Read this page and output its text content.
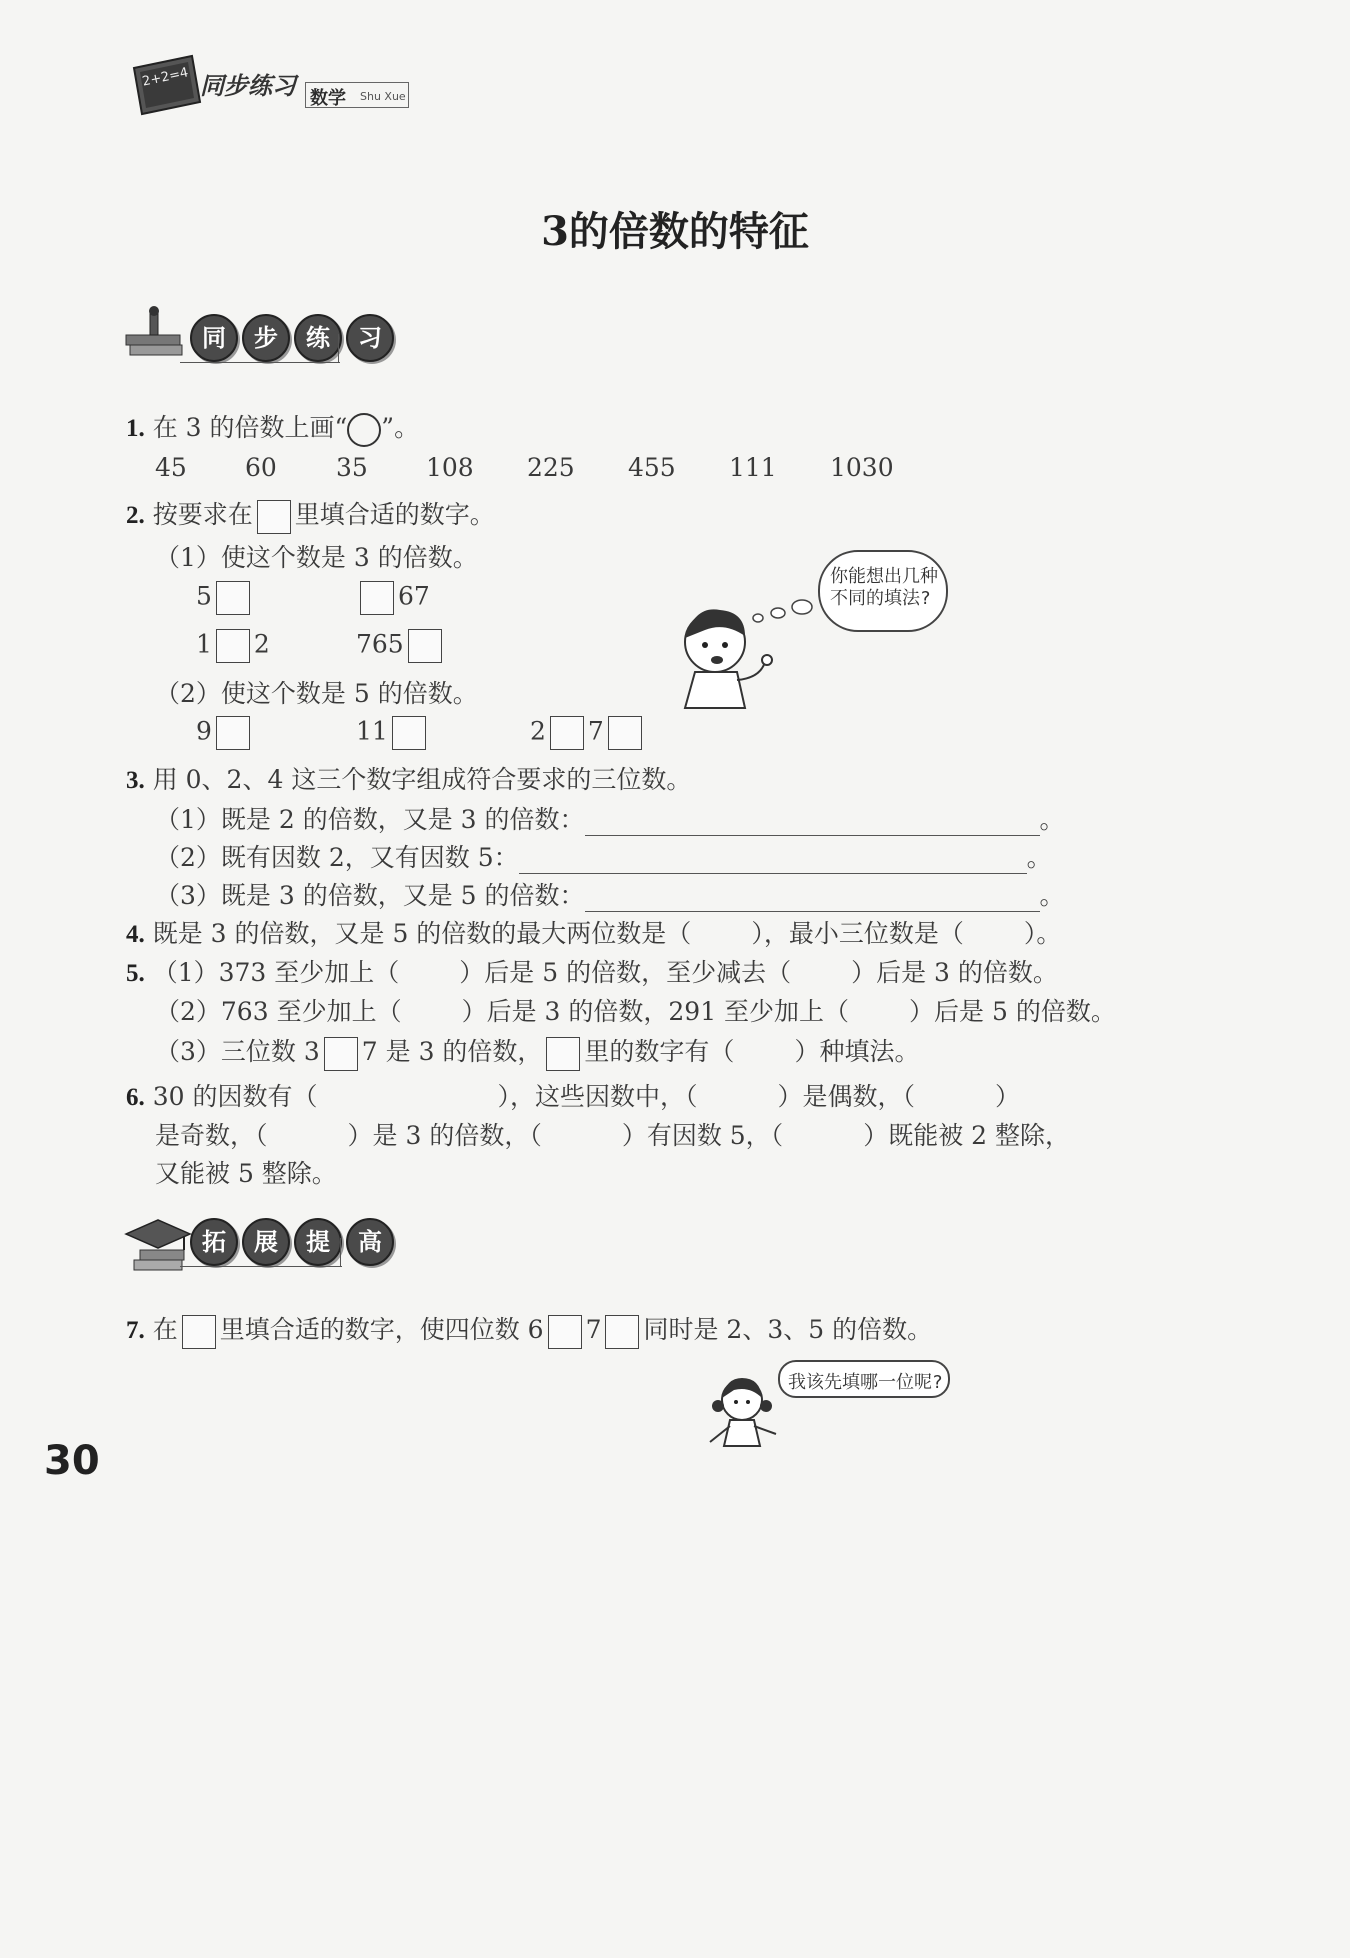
2+2=4 同步练习 数学 Shu Xue
3的倍数的特征
同 步 练 习
1. 在 3 的倍数上画“ ”。
45 60 35 108 225 455 111 1030
2. 按要求在 里填合适的数字。
（1）使这个数是 3 的倍数。
5	67
1 2	765
（2）使这个数是 5 的倍数。
9	11	2 7
你能想出几种
不同的填法?
3. 用 0、2、4 这三个数字组成符合要求的三位数。
（1）既是 2 的倍数，又是 3 的倍数：	。
（2）既有因数 2，又有因数 5：	。
（3）既是 3 的倍数，又是 5 的倍数：	。
4. 既是 3 的倍数，又是 5 的倍数的最大两位数是（ ），最小三位数是（ ）。
5. （1）373 至少加上（ ）后是 5 的倍数，至少减去（ ）后是 3 的倍数。
（2）763 至少加上（ ）后是 3 的倍数，291 至少加上（ ）后是 5 的倍数。
（3）三位数 3 7 是 3 的倍数， 里的数字有（ ）种填法。
6. 30 的因数有（	），这些因数中，（	）是偶数，（	）
是奇数，（	）是 3 的倍数，（	）有因数 5，（	）既能被 2 整除，
又能被 5 整除。
拓 展 提 高
7. 在 里填合适的数字，使四位数 6 7 同时是 2、3、5 的倍数。
我该先填哪一位呢?
30
